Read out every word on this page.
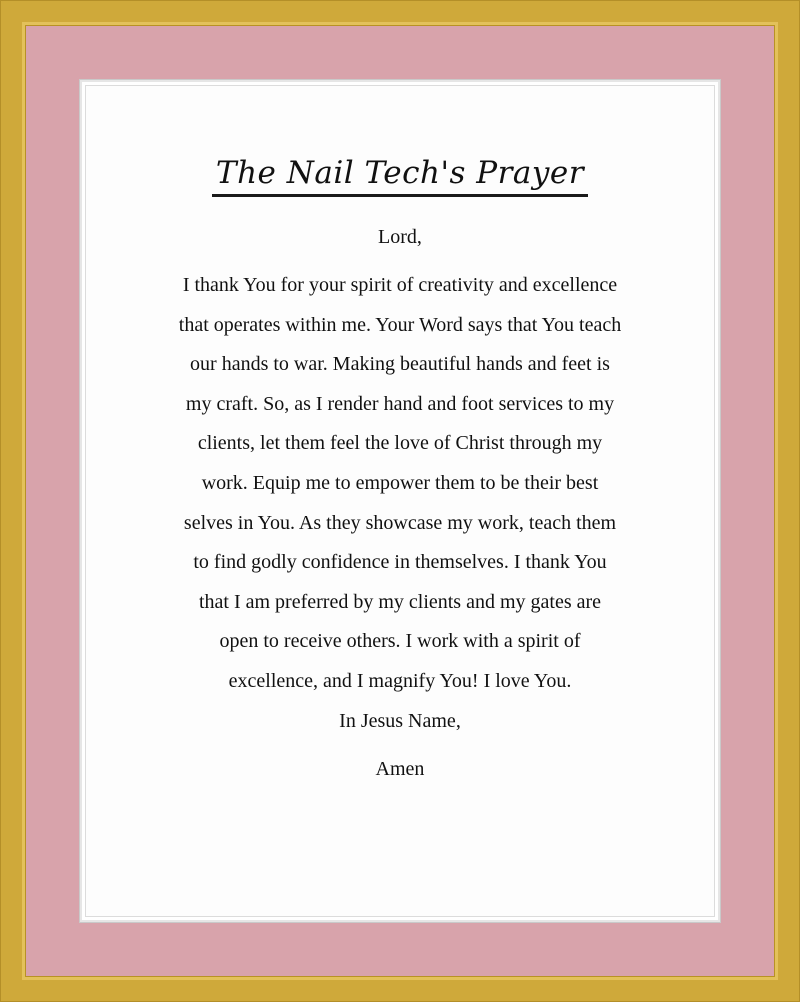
The Nail Tech's Prayer

Lord,

I thank You for your spirit of creativity and excellence
that operates within me. Your Word says that You teach
our hands to war. Making beautiful hands and feet is
my craft. So, as I render hand and foot services to my
clients, let them feel the love of Christ through my
work. Equip me to empower them to be their best
selves in You. As they showcase my work, teach them
to find godly confidence in themselves. I thank You
that I am preferred by my clients and my gates are
open to receive others. I work with a spirit of
excellence, and I magnify You! I love You.

In Jesus Name,

Amen
